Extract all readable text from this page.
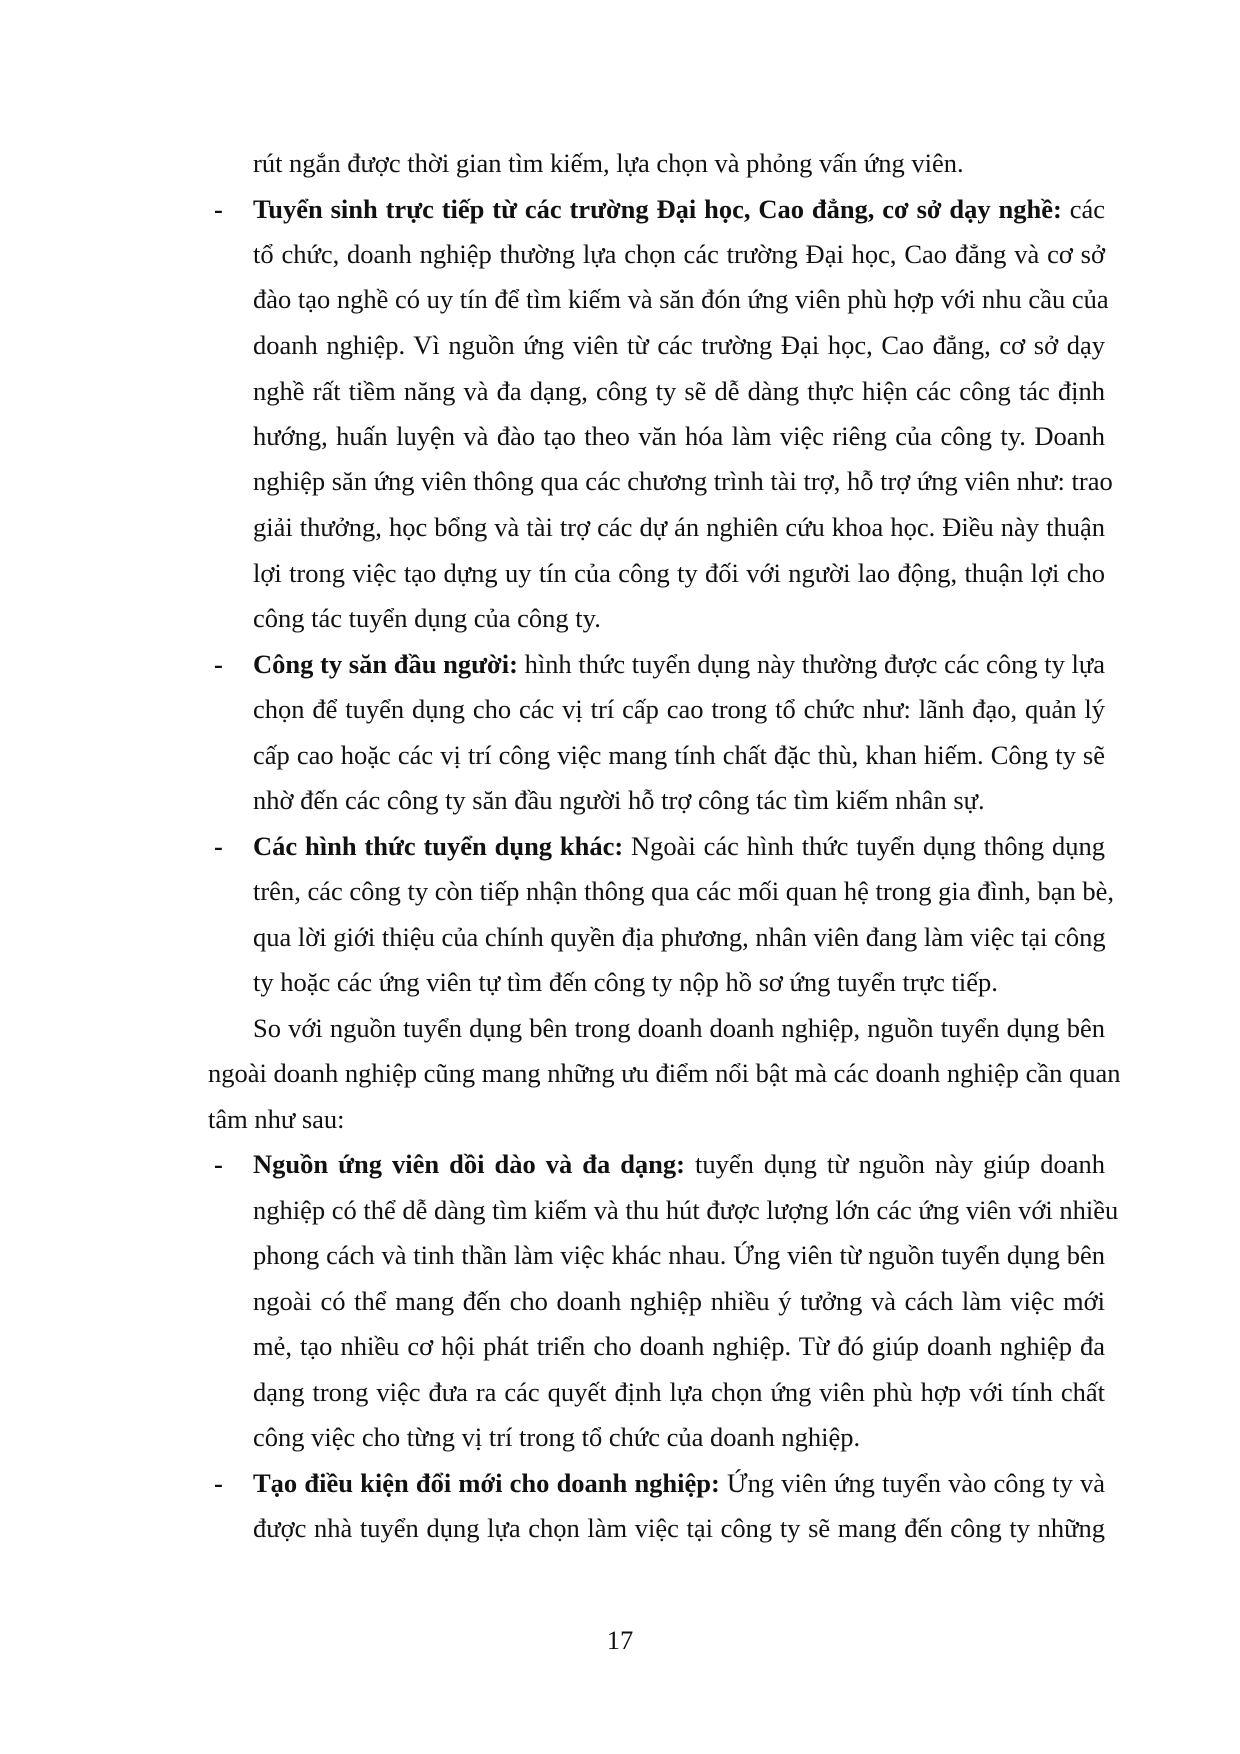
rút ngắn được thời gian tìm kiếm, lựa chọn và phỏng vấn ứng viên.
- Tuyển sinh trực tiếp từ các trường Đại học, Cao đẳng, cơ sở dạy nghề: các
tổ chức, doanh nghiệp thường lựa chọn các trường Đại học, Cao đẳng và cơ sở
đào tạo nghề có uy tín để tìm kiếm và săn đón ứng viên phù hợp với nhu cầu của
doanh nghiệp. Vì nguồn ứng viên từ các trường Đại học, Cao đẳng, cơ sở dạy
nghề rất tiềm năng và đa dạng, công ty sẽ dễ dàng thực hiện các công tác định
hướng, huấn luyện và đào tạo theo văn hóa làm việc riêng của công ty. Doanh
nghiệp săn ứng viên thông qua các chương trình tài trợ, hỗ trợ ứng viên như: trao
giải thưởng, học bổng và tài trợ các dự án nghiên cứu khoa học. Điều này thuận
lợi trong việc tạo dựng uy tín của công ty đối với người lao động, thuận lợi cho
công tác tuyển dụng của công ty.
- Công ty săn đầu người: hình thức tuyển dụng này thường được các công ty lựa
chọn để tuyển dụng cho các vị trí cấp cao trong tổ chức như: lãnh đạo, quản lý
cấp cao hoặc các vị trí công việc mang tính chất đặc thù, khan hiếm. Công ty sẽ
nhờ đến các công ty săn đầu người hỗ trợ công tác tìm kiếm nhân sự.
- Các hình thức tuyển dụng khác: Ngoài các hình thức tuyển dụng thông dụng
trên, các công ty còn tiếp nhận thông qua các mối quan hệ trong gia đình, bạn bè,
qua lời giới thiệu của chính quyền địa phương, nhân viên đang làm việc tại công
ty hoặc các ứng viên tự tìm đến công ty nộp hồ sơ ứng tuyển trực tiếp.
So với nguồn tuyển dụng bên trong doanh doanh nghiệp, nguồn tuyển dụng bên
ngoài doanh nghiệp cũng mang những ưu điểm nổi bật mà các doanh nghiệp cần quan
tâm như sau:
- Nguồn ứng viên dồi dào và đa dạng: tuyển dụng từ nguồn này giúp doanh
nghiệp có thể dễ dàng tìm kiếm và thu hút được lượng lớn các ứng viên với nhiều
phong cách và tinh thần làm việc khác nhau. Ứng viên từ nguồn tuyển dụng bên
ngoài có thể mang đến cho doanh nghiệp nhiều ý tưởng và cách làm việc mới
mẻ, tạo nhiều cơ hội phát triển cho doanh nghiệp. Từ đó giúp doanh nghiệp đa
dạng trong việc đưa ra các quyết định lựa chọn ứng viên phù hợp với tính chất
công việc cho từng vị trí trong tổ chức của doanh nghiệp.
- Tạo điều kiện đổi mới cho doanh nghiệp: Ứng viên ứng tuyển vào công ty và
được nhà tuyển dụng lựa chọn làm việc tại công ty sẽ mang đến công ty những
17
